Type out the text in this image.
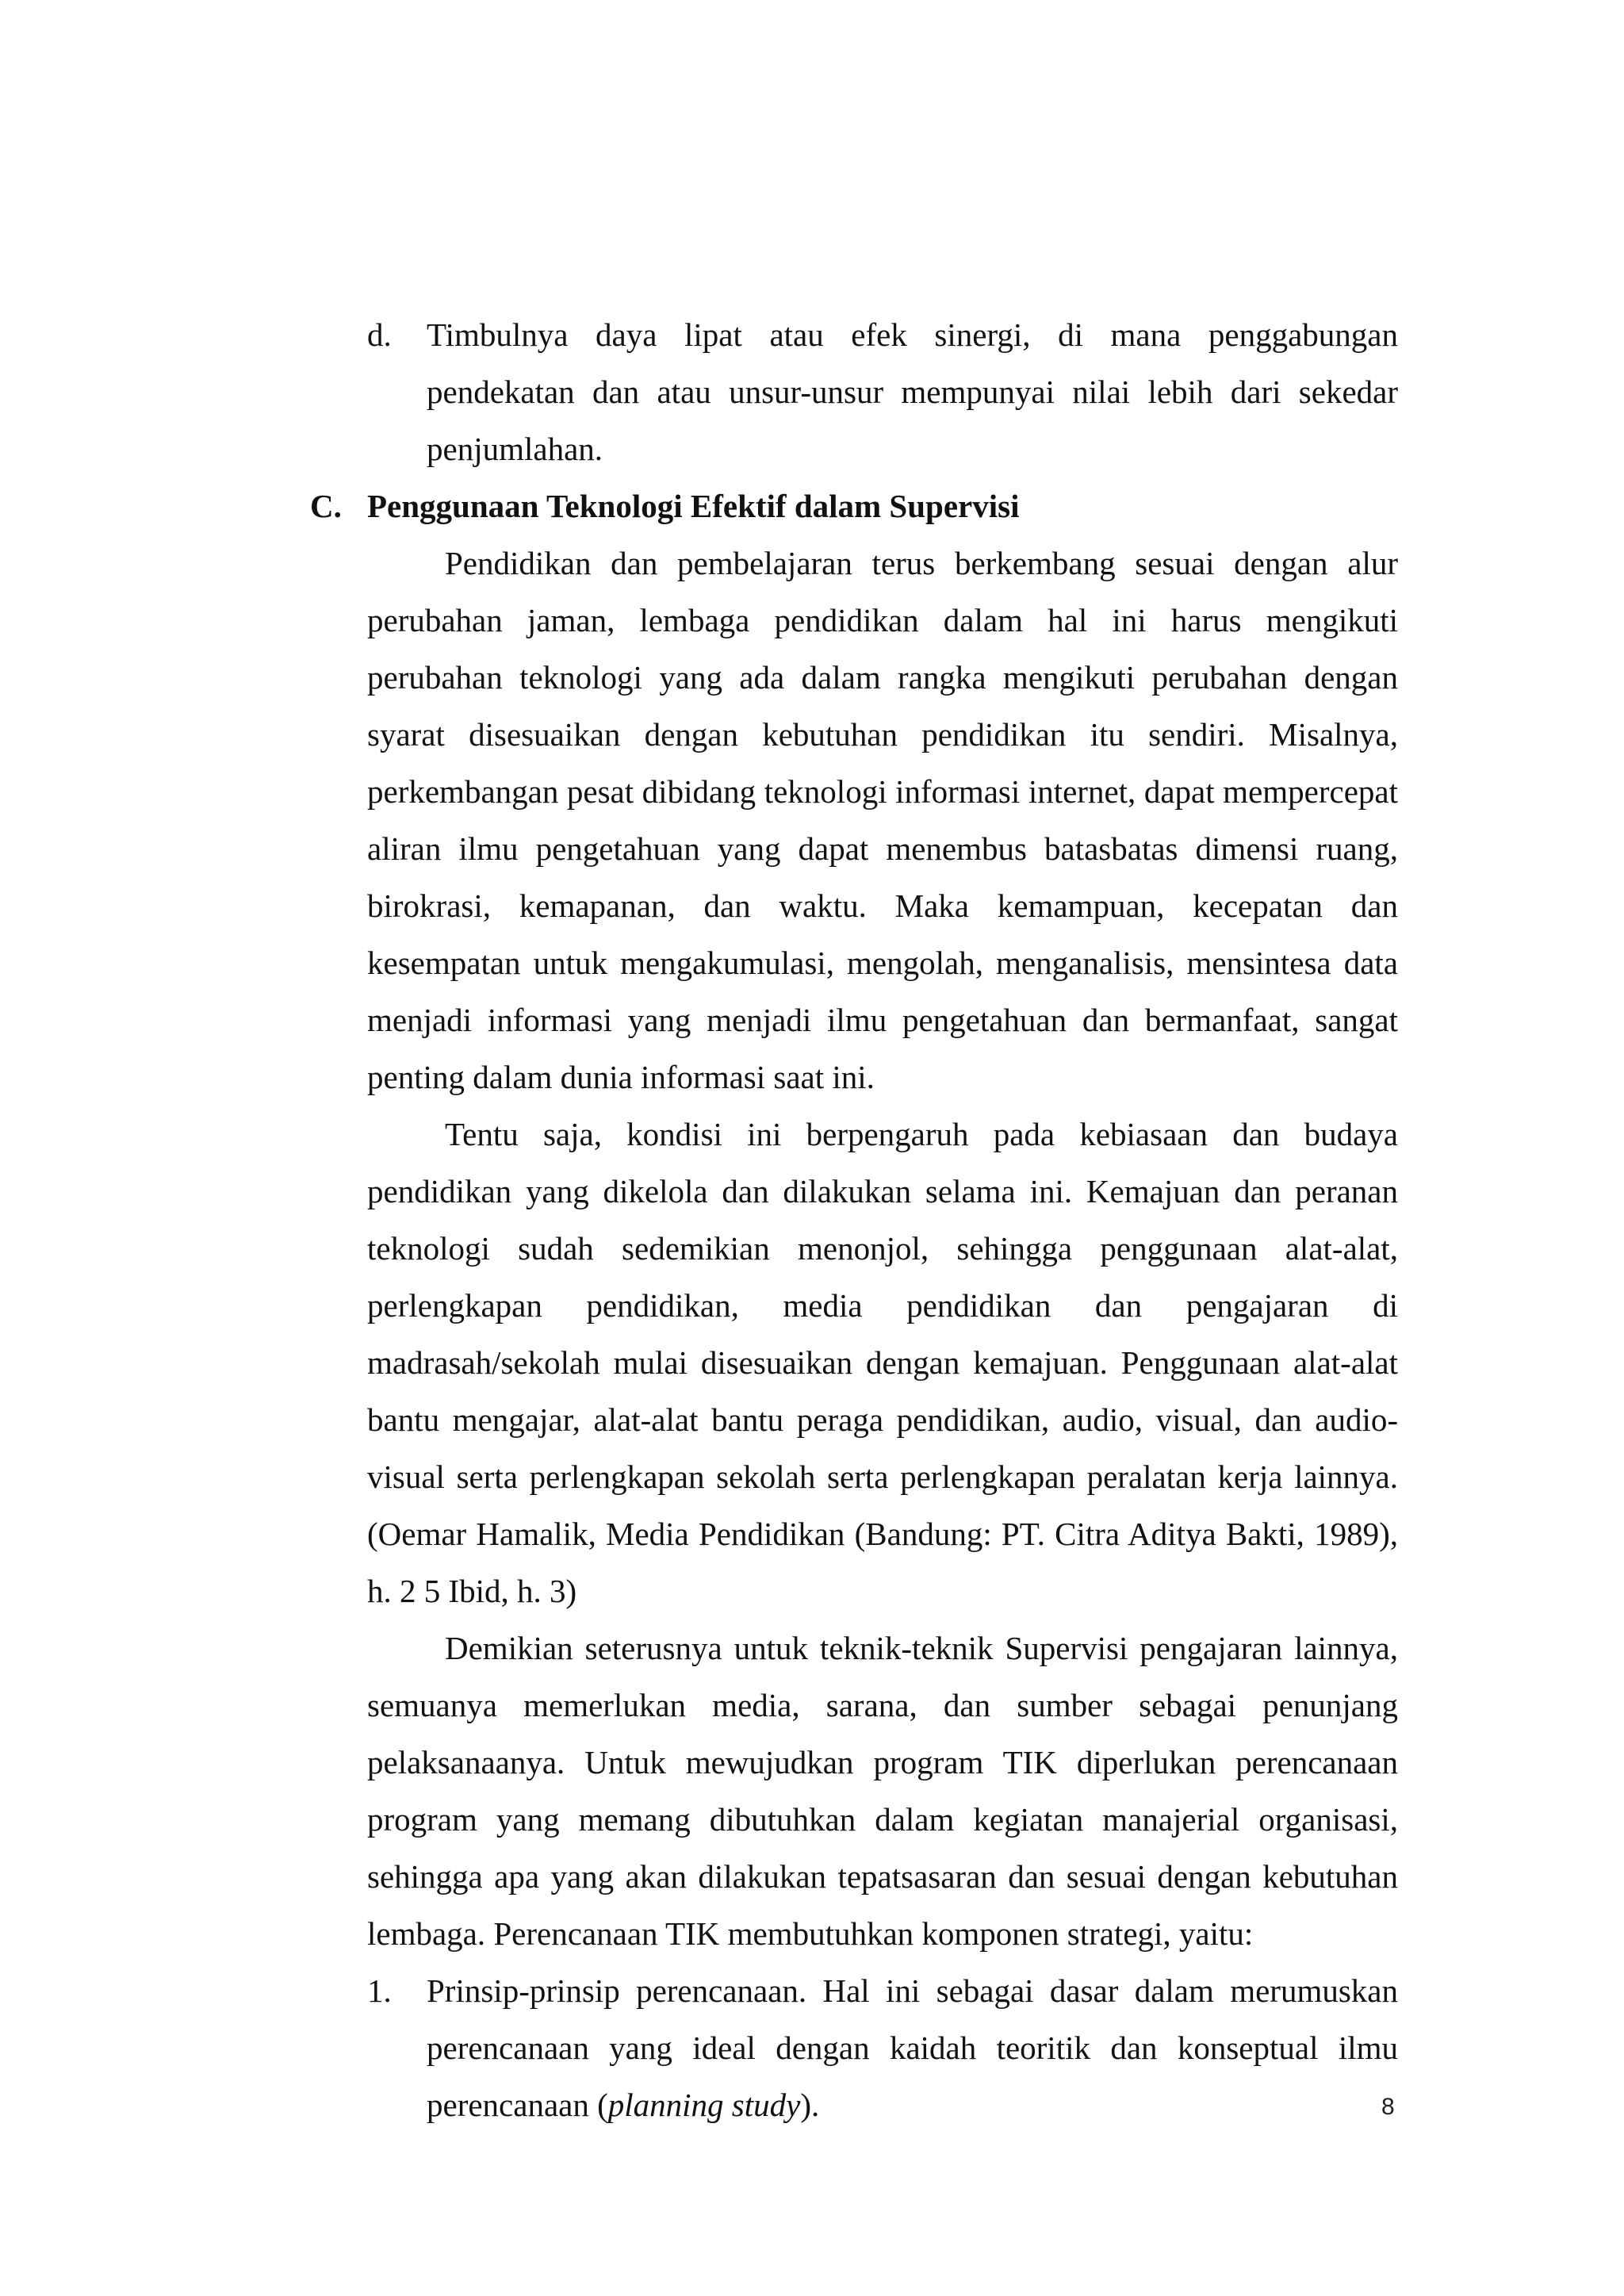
d. Timbulnya daya lipat atau efek sinergi, di mana penggabungan pendekatan dan atau unsur-unsur mempunyai nilai lebih dari sekedar penjumlahan.
C. Penggunaan Teknologi Efektif dalam Supervisi

Pendidikan dan pembelajaran terus berkembang sesuai dengan alur perubahan jaman, lembaga pendidikan dalam hal ini harus mengikuti perubahan teknologi yang ada dalam rangka mengikuti perubahan dengan syarat disesuaikan dengan kebutuhan pendidikan itu sendiri. Misalnya, perkembangan pesat dibidang teknologi informasi internet, dapat mempercepat aliran ilmu pengetahuan yang dapat menembus batasbatas dimensi ruang, birokrasi, kemapanan, dan waktu. Maka kemampuan, kecepatan dan kesempatan untuk mengakumulasi, mengolah, menganalisis, mensintesa data menjadi informasi yang menjadi ilmu pengetahuan dan bermanfaat, sangat penting dalam dunia informasi saat ini.

Tentu saja, kondisi ini berpengaruh pada kebiasaan dan budaya pendidikan yang dikelola dan dilakukan selama ini. Kemajuan dan peranan teknologi sudah sedemikian menonjol, sehingga penggunaan alat-alat, perlengkapan pendidikan, media pendidikan dan pengajaran di madrasah/sekolah mulai disesuaikan dengan kemajuan. Penggunaan alat-alat bantu mengajar, alat-alat bantu peraga pendidikan, audio, visual, dan audio-visual serta perlengkapan sekolah serta perlengkapan peralatan kerja lainnya. (Oemar Hamalik, Media Pendidikan (Bandung: PT. Citra Aditya Bakti, 1989), h. 2 5 Ibid, h. 3)

Demikian seterusnya untuk teknik-teknik Supervisi pengajaran lainnya, semuanya memerlukan media, sarana, dan sumber sebagai penunjang pelaksanaanya. Untuk mewujudkan program TIK diperlukan perencanaan program yang memang dibutuhkan dalam kegiatan manajerial organisasi, sehingga apa yang akan dilakukan tepatsasaran dan sesuai dengan kebutuhan lembaga. Perencanaan TIK membutuhkan komponen strategi, yaitu:

1. Prinsip-prinsip perencanaan. Hal ini sebagai dasar dalam merumuskan perencanaan yang ideal dengan kaidah teoritik dan konseptual ilmu perencanaan (planning study).	8
